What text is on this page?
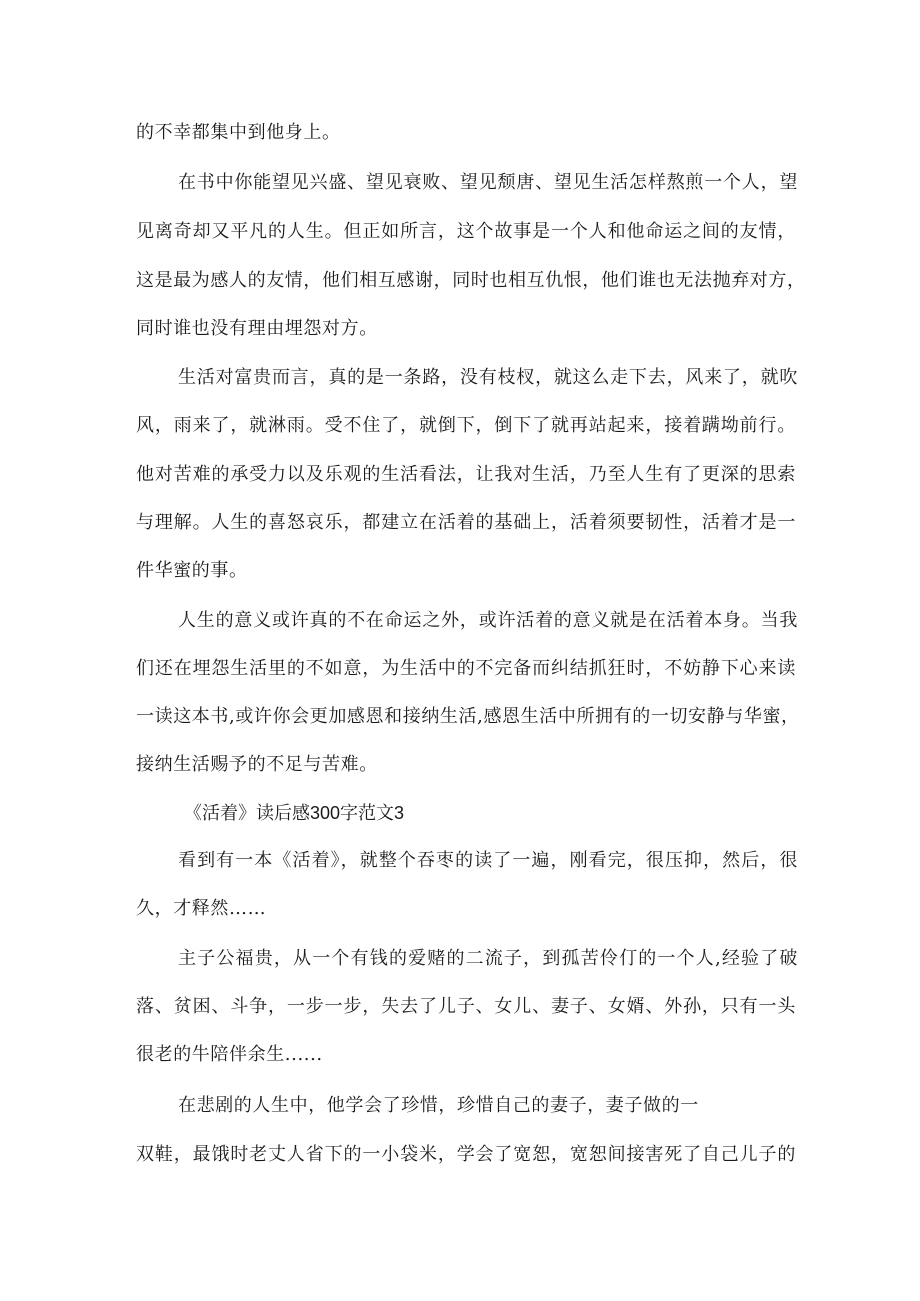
的不幸都集中到他身上。
在书中你能望见兴盛、望见衰败、望见颓唐、望见生活怎样熬煎一个人，望
见离奇却又平凡的人生。但正如所言，这个故事是一个人和他命运之间的友情，
这是最为感人的友情，他们相互感谢，同时也相互仇恨，他们谁也无法抛弃对方，
同时谁也没有理由埋怨对方。
生活对富贵而言，真的是一条路，没有枝杈，就这么走下去，风来了，就吹
风，雨来了，就淋雨。受不住了，就倒下，倒下了就再站起来，接着蹒坳前行。
他对苦难的承受力以及乐观的生活看法，让我对生活，乃至人生有了更深的思索
与理解。人生的喜怒哀乐，都建立在活着的基础上，活着须要韧性，活着才是一
件华蜜的事。
人生的意义或许真的不在命运之外，或许活着的意义就是在活着本身。当我
们还在埋怨生活里的不如意，为生活中的不完备而纠结抓狂时，不妨静下心来读
一读这本书,或许你会更加感恩和接纳生活,感恩生活中所拥有的一切安静与华蜜，
接纳生活赐予的不足与苦难。
《活着》读后感300字范文3
看到有一本《活着》，就整个吞枣的读了一遍，刚看完，很压抑，然后，很
久，才释然……
主子公福贵，从一个有钱的爱赌的二流子，到孤苦伶仃的一个人,经验了破
落、贫困、斗争，一步一步，失去了儿子、女儿、妻子、女婿、外孙，只有一头
很老的牛陪伴余生......
在悲剧的人生中，他学会了珍惜，珍惜自己的妻子，妻子做的一
双鞋，最饿时老丈人省下的一小袋米，学会了宽恕，宽恕间接害死了自己儿子的
